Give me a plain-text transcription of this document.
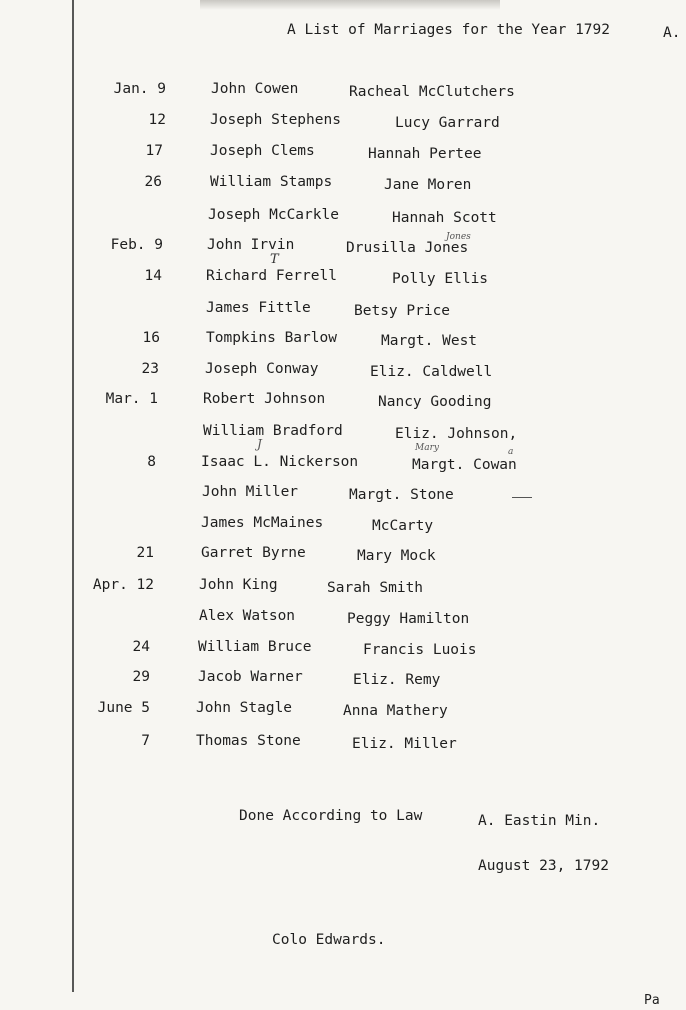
A List of Marriages for the Year 1792	A.
Jan. 9	John Cowen	Racheal McClutchers
12	Joseph Stephens	Lucy Garrard
17	Joseph Clems	Hannah Pertee
26	William Stamps	Jane Moren
Joseph McCarkle	Hannah Scott
Feb. 9	John Irvin	Drusilla Jones
14	Richard Ferrell	Polly Ellis
James Fittle	Betsy Price
16	Tompkins Barlow	Margt. West
23	Joseph Conway	Eliz. Caldwell
Mar. 1	Robert Johnson	Nancy Gooding
William Bradford	Eliz. Johnson,
8	Isaac L. Nickerson	Margt. Cowan
John Miller	Margt. Stone
James McMaines	McCarty
21	Garret Byrne	Mary Mock
Apr. 12	John King	Sarah Smith
Alex Watson	Peggy Hamilton
24	William Bruce	Francis Luois
29	Jacob Warner	Eliz. Remy
June 5	John Stagle	Anna Mathery
7	Thomas Stone	Eliz. Miller
Jones
T
J	Mary	a
Done According to Law	A. Eastin Min.
August 23, 1792
Colo Edwards.
Pa
